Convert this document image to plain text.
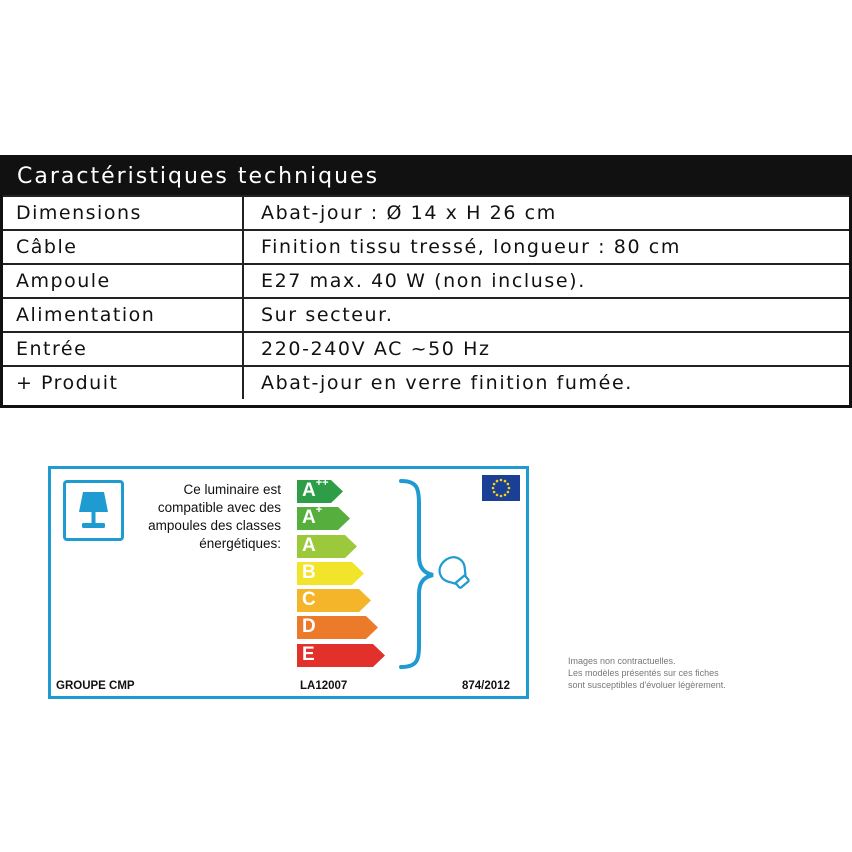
Caractéristiques techniques
Dimensions	Abat-jour : Ø 14 x H 26 cm
Câble	Finition tissu tressé, longueur : 80 cm
Ampoule	E27 max. 40 W (non incluse).
Alimentation	Sur secteur.
Entrée	220-240V AC ~50 Hz
+ Produit	Abat-jour en verre finition fumée.
Ce luminaire est
compatible avec des
ampoules des classes
énergétiques:
A++
A+
A
B
C
D
E
GROUPE CMP	LA12007	874/2012
Images non contractuelles.
Les modèles présentés sur ces fiches
sont susceptibles d'évoluer légèrement.
